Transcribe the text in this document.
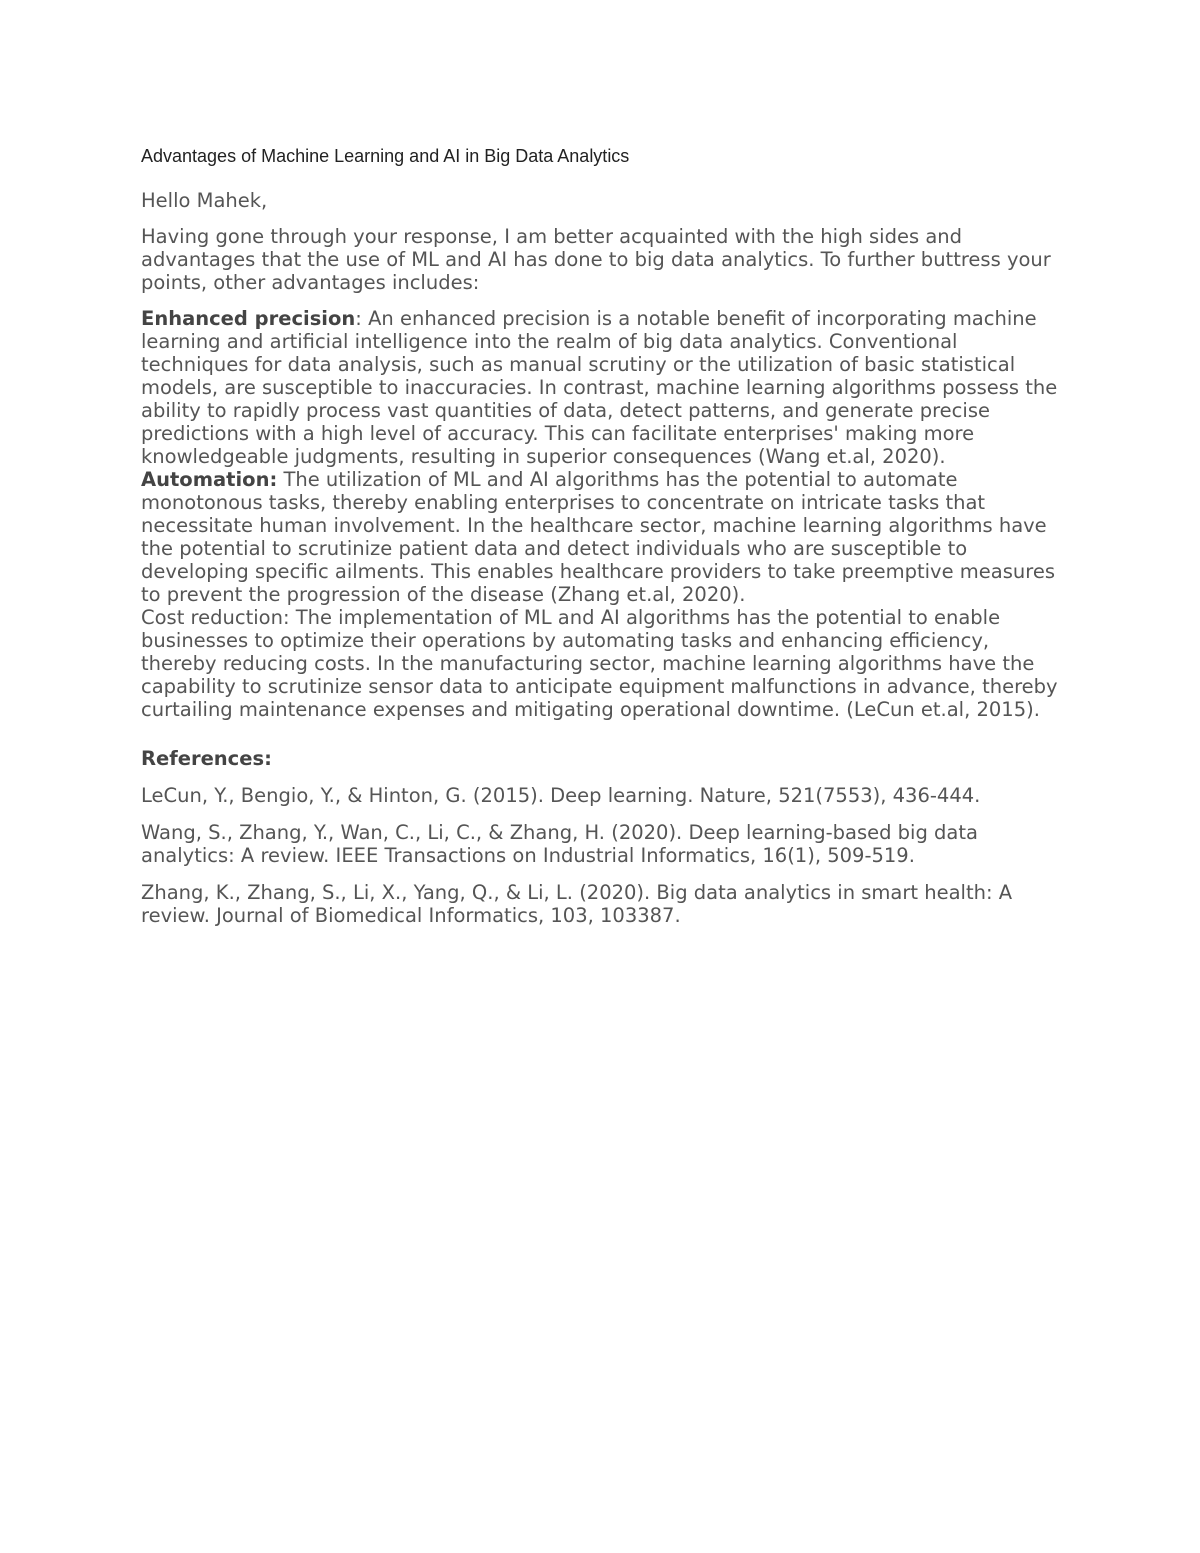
Advantages of Machine Learning and AI in Big Data Analytics

Hello Mahek,

Having gone through your response, I am better acquainted with the high sides and advantages that the use of ML and AI has done to big data analytics. To further buttress your points, other advantages includes:

Enhanced precision: An enhanced precision is a notable benefit of incorporating machine learning and artificial intelligence into the realm of big data analytics. Conventional techniques for data analysis, such as manual scrutiny or the utilization of basic statistical models, are susceptible to inaccuracies. In contrast, machine learning algorithms possess the ability to rapidly process vast quantities of data, detect patterns, and generate precise predictions with a high level of accuracy. This can facilitate enterprises' making more knowledgeable judgments, resulting in superior consequences (Wang et.al, 2020).

Automation: The utilization of ML and AI algorithms has the potential to automate monotonous tasks, thereby enabling enterprises to concentrate on intricate tasks that necessitate human involvement. In the healthcare sector, machine learning algorithms have the potential to scrutinize patient data and detect individuals who are susceptible to developing specific ailments. This enables healthcare providers to take preemptive measures to prevent the progression of the disease (Zhang et.al, 2020).

Cost reduction: The implementation of ML and AI algorithms has the potential to enable businesses to optimize their operations by automating tasks and enhancing efficiency, thereby reducing costs. In the manufacturing sector, machine learning algorithms have the capability to scrutinize sensor data to anticipate equipment malfunctions in advance, thereby curtailing maintenance expenses and mitigating operational downtime. (LeCun et.al, 2015).

References:

LeCun, Y., Bengio, Y., & Hinton, G. (2015). Deep learning. Nature, 521(7553), 436-444.

Wang, S., Zhang, Y., Wan, C., Li, C., & Zhang, H. (2020). Deep learning-based big data analytics: A review. IEEE Transactions on Industrial Informatics, 16(1), 509-519.

Zhang, K., Zhang, S., Li, X., Yang, Q., & Li, L. (2020). Big data analytics in smart health: A review. Journal of Biomedical Informatics, 103, 103387.
